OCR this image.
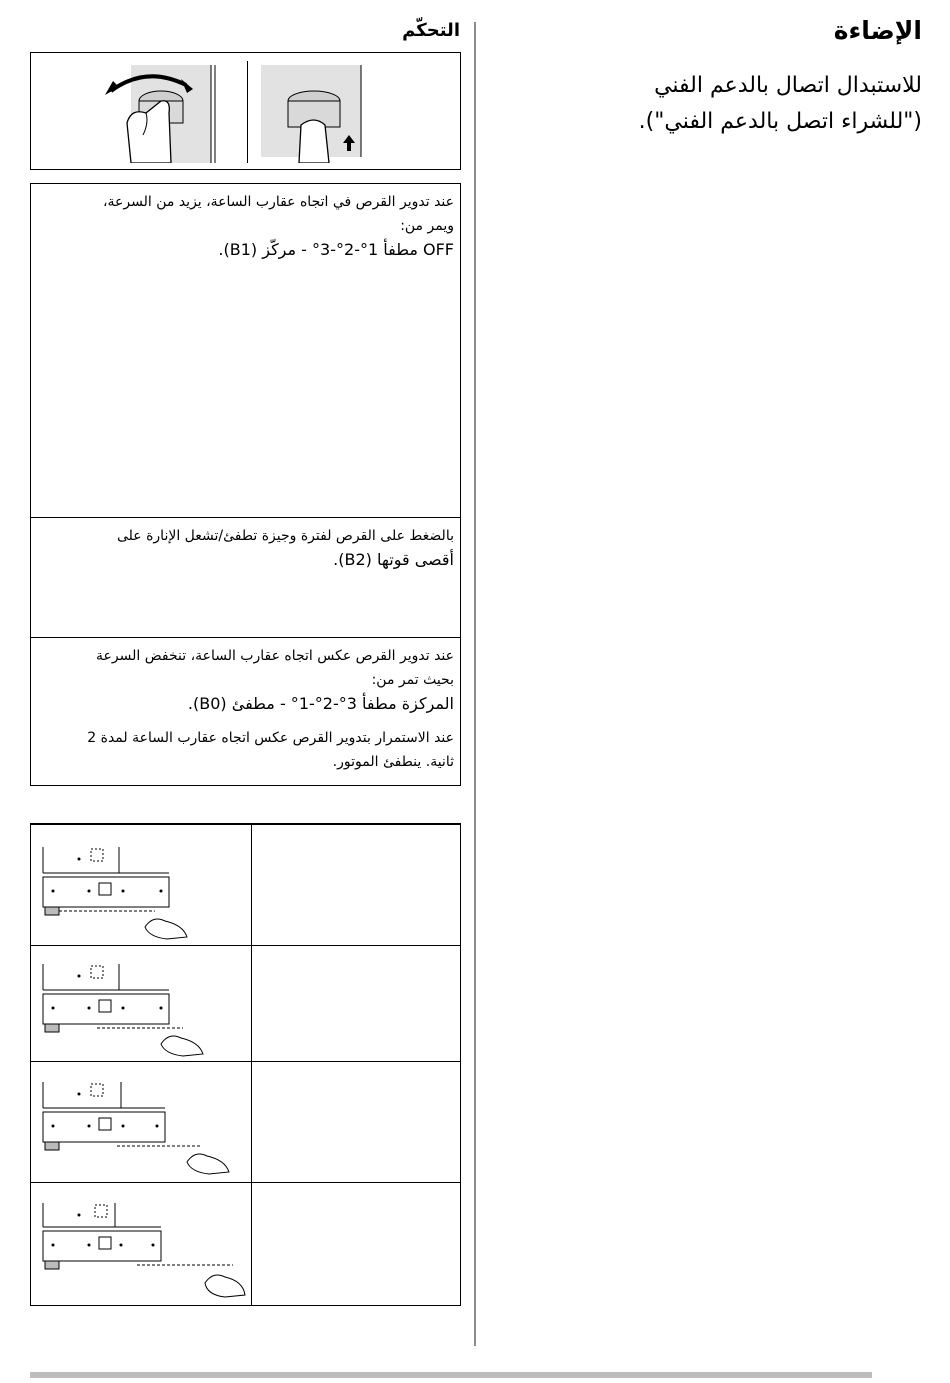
الإضاءة
للاستبدال اتصال بالدعم الفني
("للشراء اتصل بالدعم الفني").
التحكّم
عند تدوير القرص في اتجاه عقارب الساعة، يزيد من السرعة،
ويمر من:
OFF مطفأ 1°-2°-3° - مركّز (B1).
بالضغط على القرص لفترة وجيزة تطفئ/تشعل الإنارة على
أقصى قوتها (B2).
عند تدوير القرص عكس اتجاه عقارب الساعة، تنخفض السرعة
بحيث تمر من:
المركزة مطفأ 3°-2°-1° - مطفئ (B0).
عند الاستمرار بتدوير القرص عكس اتجاه عقارب الساعة لمدة 2
ثانية. ينطفئ الموتور.
